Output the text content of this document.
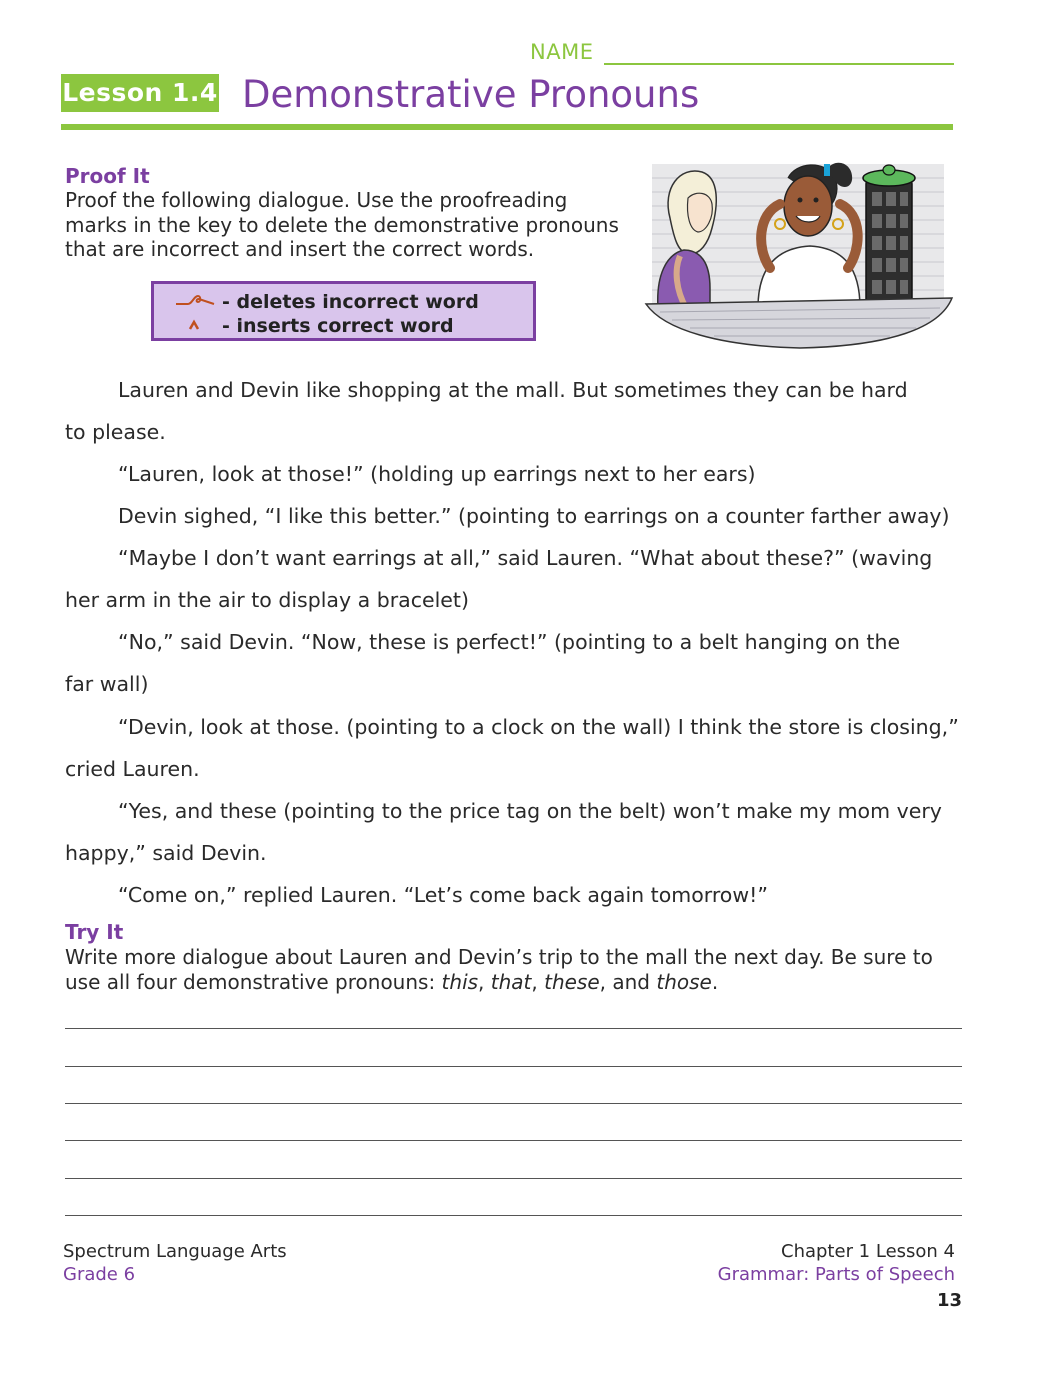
NAME
Lesson 1.4 Demonstrative Pronouns
Proof It
Proof the following dialogue. Use the proofreading
marks in the key to delete the demonstrative pronouns
that are incorrect and insert the correct words.
- deletes incorrect word
- inserts correct word
Lauren and Devin like shopping at the mall. But sometimes they can be hard
to please.
“Lauren, look at those!” (holding up earrings next to her ears)
Devin sighed, “I like this better.” (pointing to earrings on a counter farther away)
“Maybe I don’t want earrings at all,” said Lauren. “What about these?” (waving
her arm in the air to display a bracelet)
“No,” said Devin. “Now, these is perfect!” (pointing to a belt hanging on the
far wall)
“Devin, look at those. (pointing to a clock on the wall) I think the store is closing,”
cried Lauren.
“Yes, and these (pointing to the price tag on the belt) won’t make my mom very
happy,” said Devin.
“Come on,” replied Lauren. “Let’s come back again tomorrow!”
Try It
Write more dialogue about Lauren and Devin’s trip to the mall the next day. Be sure to
use all four demonstrative pronouns: this, that, these, and those.
Spectrum Language Arts
Grade 6
Chapter 1 Lesson 4
Grammar: Parts of Speech
13
